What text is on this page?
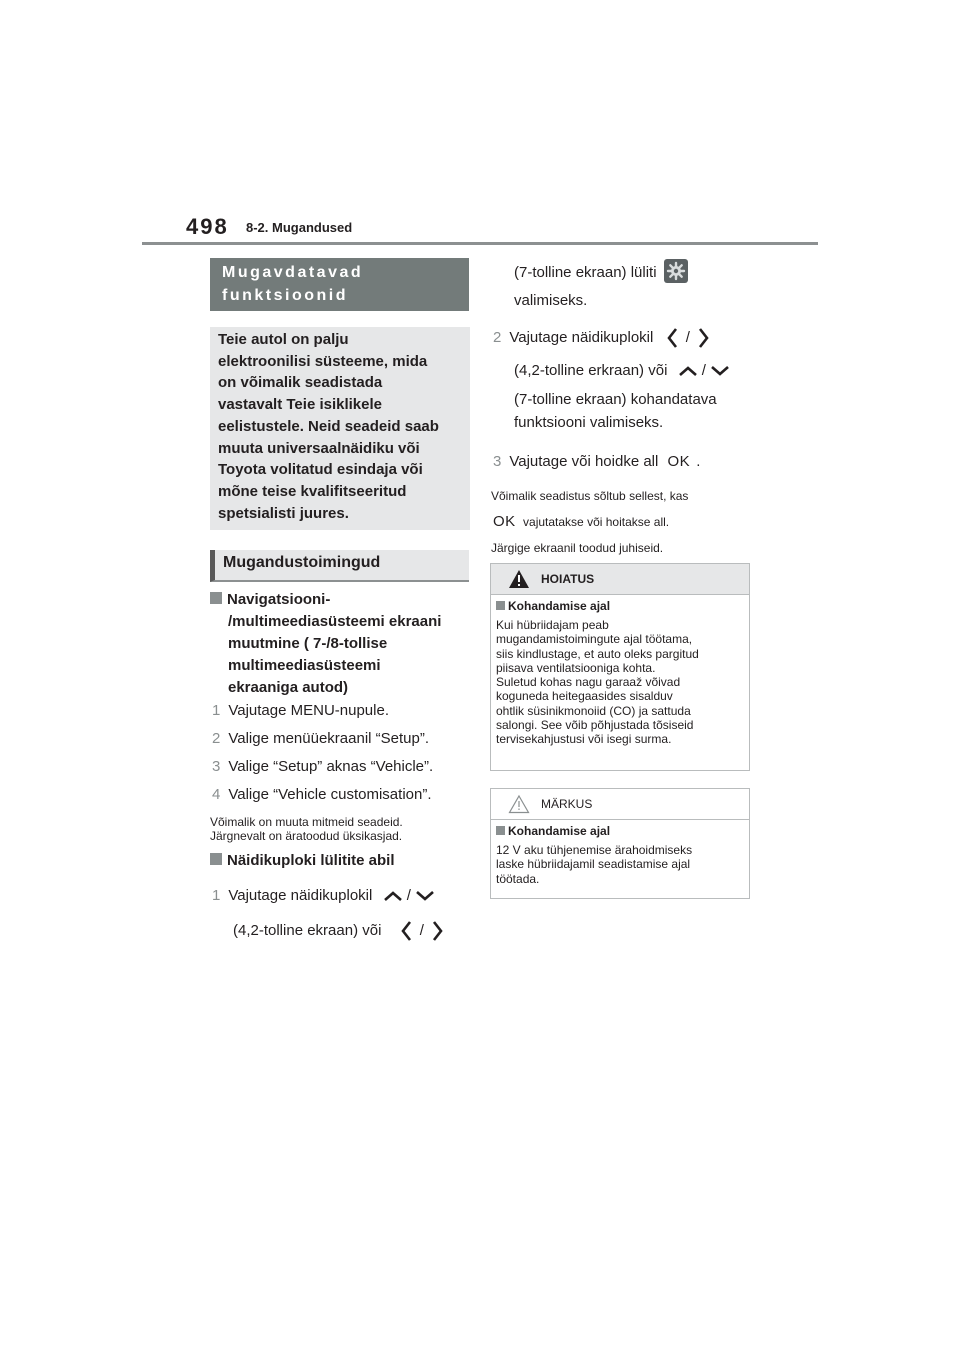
498 8-2. Mugandused
Mugavdatavad
funktsioonid
Teie autol on palju
elektroonilisi süsteeme, mida
on võimalik seadistada
vastavalt Teie isiklikele
eelistustele. Neid seadeid saab
muuta universaalnäidiku või
Toyota volitatud esindaja või
mõne teise kvalifitseeritud
spetsialisti juures.
Mugandustoimingud
Navigatsiooni-
/multimeediasüsteemi ekraani
muutmine ( 7-/8-tollise
multimeediasüsteemi
ekraaniga autod)
1 Vajutage MENU-nupule.
2 Valige menüüekraanil “Setup”.
3 Valige “Setup” aknas “Vehicle”.
4 Valige “Vehicle customisation”.
Võimalik on muuta mitmeid seadeid.
Järgnevalt on äratoodud üksikasjad.
Näidikuploki lülitite abil
1 Vajutage näidikuplokil /
(4,2-tolline ekraan) või	/
(7-tolline ekraan) lüliti
valimiseks.
2 Vajutage näidikuplokil /
(4,2-tolline erkraan) või /
(7-tolline ekraan) kohandatava
funktsiooni valimiseks.
3 Vajutage või hoidke all OK .
Võimalik seadistus sõltub sellest, kas
OK vajutatakse või hoitakse all.
Järgige ekraanil toodud juhiseid.
HOIATUS
Kohandamise ajal
Kui hübriidajam peab
mugandamistoimingute ajal töötama,
siis kindlustage, et auto oleks pargitud
piisava ventilatsiooniga kohta.
Suletud kohas nagu garaaž võivad
koguneda heitegaasides sisalduv
ohtlik süsinikmonoiid (CO) ja sattuda
salongi. See võib põhjustada tõsiseid
tervisekahjustusi või isegi surma.
MÄRKUS
Kohandamise ajal
12 V aku tühjenemise ärahoidmiseks
laske hübriidajamil seadistamise ajal
töötada.
